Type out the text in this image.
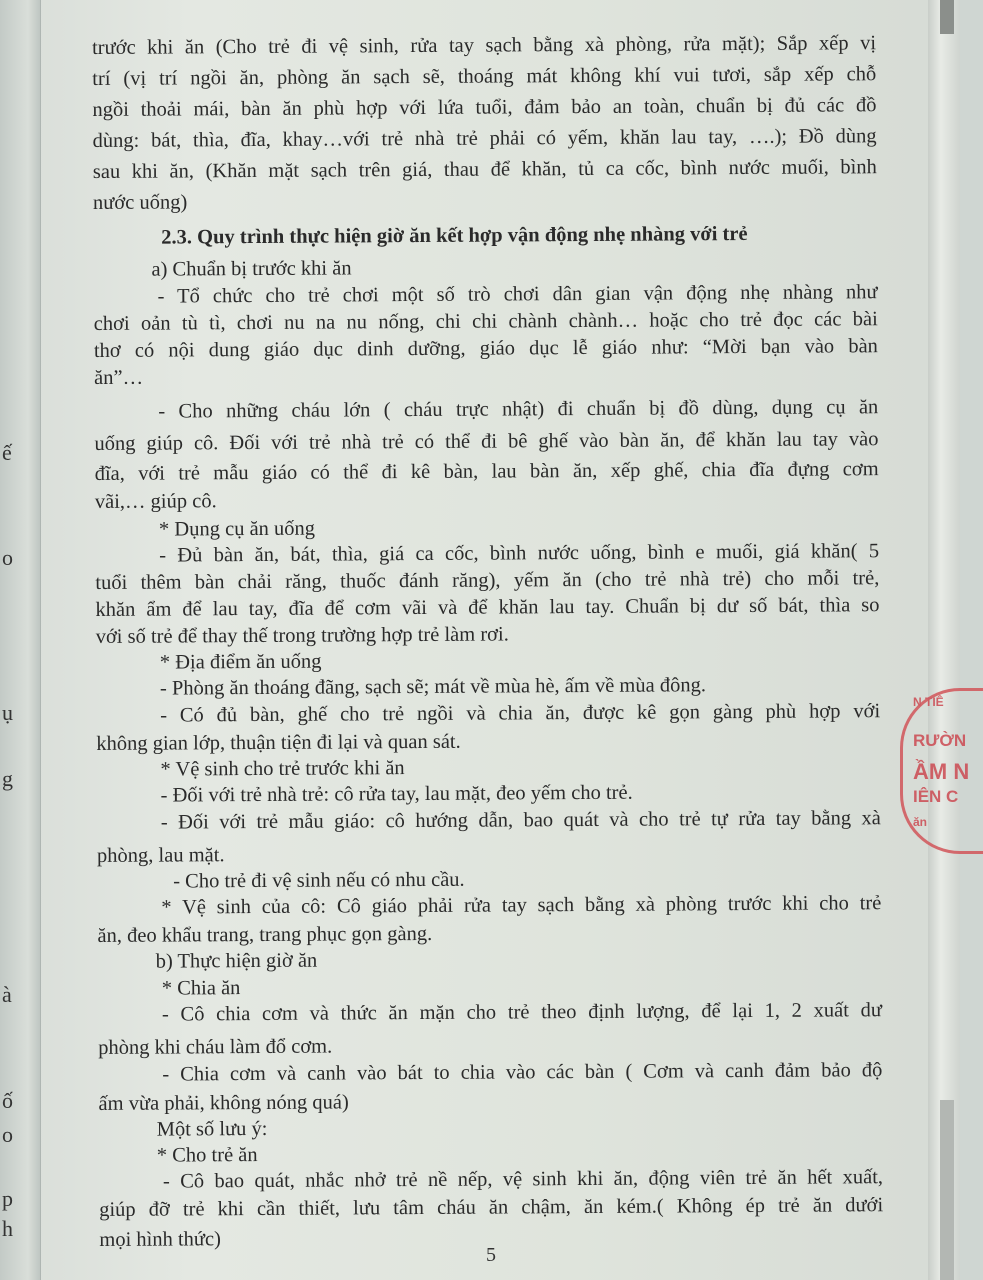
ế
o
ụ
g
à
ố
o
p
h
N TIÊ
RƯỜN
ẦM N
IÊN C
ăn
trước khi ăn (Cho trẻ đi vệ sinh, rửa tay sạch bằng xà phòng, rửa mặt); Sắp xếp vị
trí (vị trí ngồi ăn, phòng ăn sạch sẽ, thoáng mát không khí vui tươi, sắp xếp chỗ
ngồi thoải mái, bàn ăn phù hợp với lứa tuổi, đảm bảo an toàn, chuẩn bị đủ các đồ
dùng: bát, thìa, đĩa, khay…với trẻ nhà trẻ phải có yếm, khăn lau tay, ….); Đồ dùng
sau khi ăn, (Khăn mặt sạch trên giá, thau để khăn, tủ ca cốc, bình nước muối, bình
nước uống)
2.3. Quy trình thực hiện giờ ăn kết hợp vận động nhẹ nhàng với trẻ
a) Chuẩn bị trước khi ăn
- Tổ chức cho trẻ chơi một số trò chơi dân gian vận động nhẹ nhàng như
chơi oản tù tì, chơi nu na nu nống, chi chi chành chành… hoặc cho trẻ đọc các bài
thơ có nội dung giáo dục dinh dưỡng, giáo dục lễ giáo như: “Mời bạn vào bàn
ăn”…
- Cho những cháu lớn ( cháu trực nhật) đi chuẩn bị đồ dùng, dụng cụ ăn
uống giúp cô. Đối với trẻ nhà trẻ có thể đi bê ghế vào bàn ăn, để khăn lau tay vào
đĩa, với trẻ mẫu giáo có thể đi kê bàn, lau bàn ăn, xếp ghế, chia đĩa đựng cơm
vãi,… giúp cô.
* Dụng cụ ăn uống
- Đủ bàn ăn, bát, thìa, giá ca cốc, bình nước uống, bình e muối, giá khăn( 5
tuổi thêm bàn chải răng, thuốc đánh răng), yếm ăn (cho trẻ nhà trẻ) cho mỗi trẻ,
khăn ẩm để lau tay, đĩa để cơm vãi và để khăn lau tay. Chuẩn bị dư số bát, thìa so
với số trẻ để thay thế trong trường hợp trẻ làm rơi.
* Địa điểm ăn uống
- Phòng ăn thoáng đãng, sạch sẽ; mát về mùa hè, ấm về mùa đông.
- Có đủ bàn, ghế cho trẻ ngồi và chia ăn, được kê gọn gàng phù hợp với
không gian lớp, thuận tiện đi lại và quan sát.
* Vệ sinh cho trẻ trước khi ăn
- Đối với trẻ nhà trẻ: cô rửa tay, lau mặt, đeo yếm cho trẻ.
- Đối với trẻ mẫu giáo: cô hướng dẫn, bao quát và cho trẻ tự rửa tay bằng xà
phòng, lau mặt.
- Cho trẻ đi vệ sinh nếu có nhu cầu.
* Vệ sinh của cô: Cô giáo phải rửa tay sạch bằng xà phòng trước khi cho trẻ
ăn, đeo khẩu trang, trang phục gọn gàng.
b) Thực hiện giờ ăn
* Chia ăn
- Cô chia cơm và thức ăn mặn cho trẻ theo định lượng, để lại 1, 2 xuất dư
phòng khi cháu làm đổ cơm.
- Chia cơm và canh vào bát to chia vào các bàn ( Cơm và canh đảm bảo độ
ấm vừa phải, không nóng quá)
Một số lưu ý:
* Cho trẻ ăn
- Cô bao quát, nhắc nhở trẻ nề nếp, vệ sinh khi ăn, động viên trẻ ăn hết xuất,
giúp đỡ trẻ khi cần thiết, lưu tâm cháu ăn chậm, ăn kém.( Không ép trẻ ăn dưới
mọi hình thức)
5
